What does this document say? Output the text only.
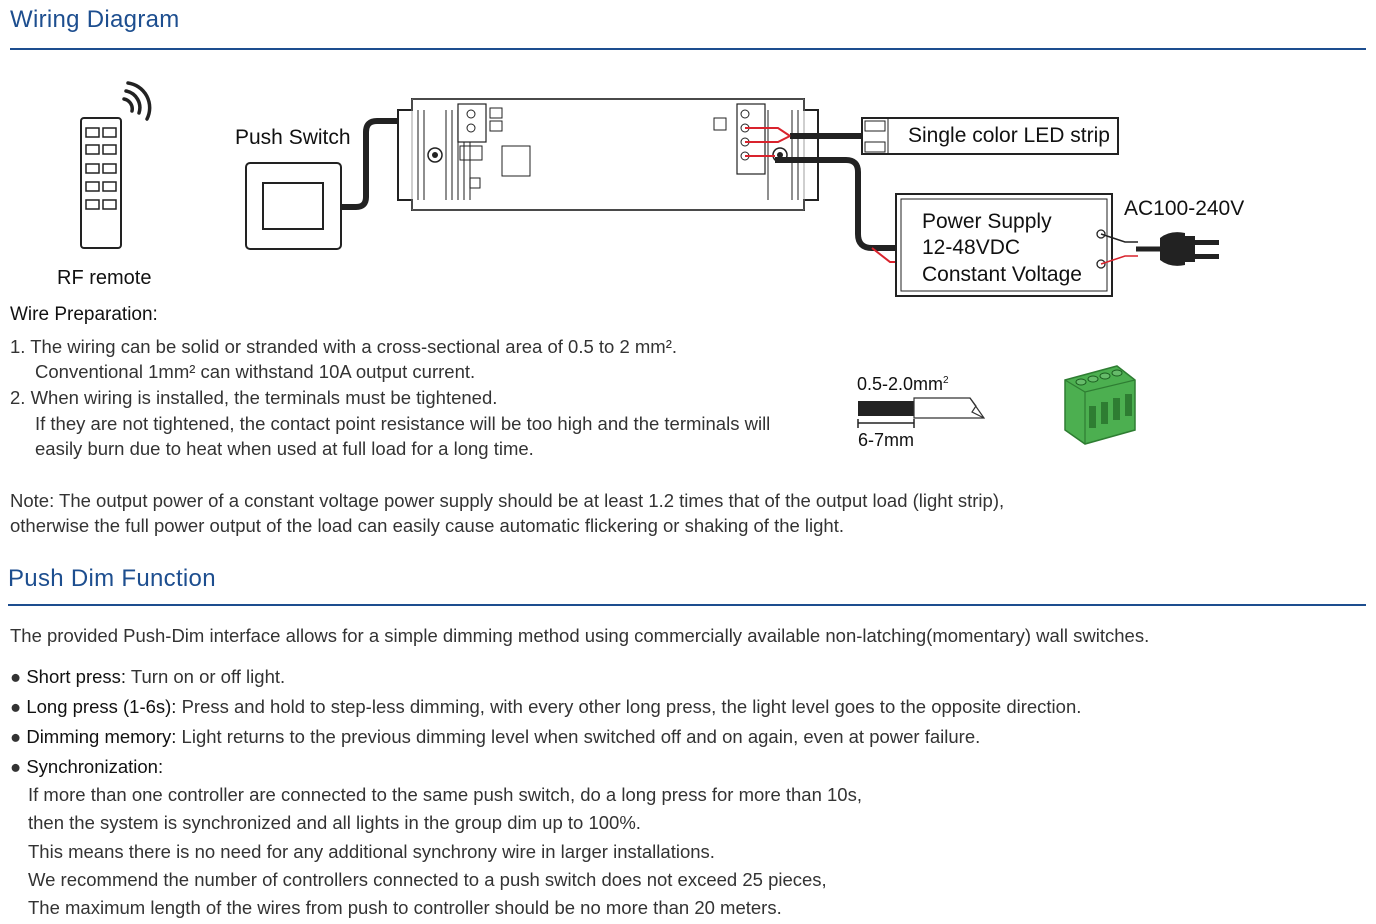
Wiring Diagram
RF remote
Push Switch	Single color LED strip
Power Supply
12-48VDC
Constant Voltage
AC100-240V
Wire Preparation:
1. The wiring can be solid or stranded with a cross-sectional area of 0.5 to 2 mm².
Conventional 1mm² can withstand 10A output current.
2. When wiring is installed, the terminals must be tightened.
If they are not tightened, the contact point resistance will be too high and the terminals will
easily burn due to heat when used at full load for a long time.
$0.5-2.0mm^2$
6-7mm
Note: The output power of a constant voltage power supply should be at least 1.2 times that of the output load (light strip),
otherwise the full power output of the load can easily cause automatic flickering or shaking of the light.
Push Dim Function
The provided Push-Dim interface allows for a simple dimming method using commercially available non-latching(momentary) wall switches.
● Short press: Turn on or off light.
● Long press (1-6s): Press and hold to step-less dimming, with every other long press, the light level goes to the opposite direction.
● Dimming memory: Light returns to the previous dimming level when switched off and on again, even at power failure.
● Synchronization:
If more than one controller are connected to the same push switch, do a long press for more than 10s,
then the system is synchronized and all lights in the group dim up to 100%.
This means there is no need for any additional synchrony wire in larger installations.
We recommend the number of controllers connected to a push switch does not exceed 25 pieces,
The maximum length of the wires from push to controller should be no more than 20 meters.
